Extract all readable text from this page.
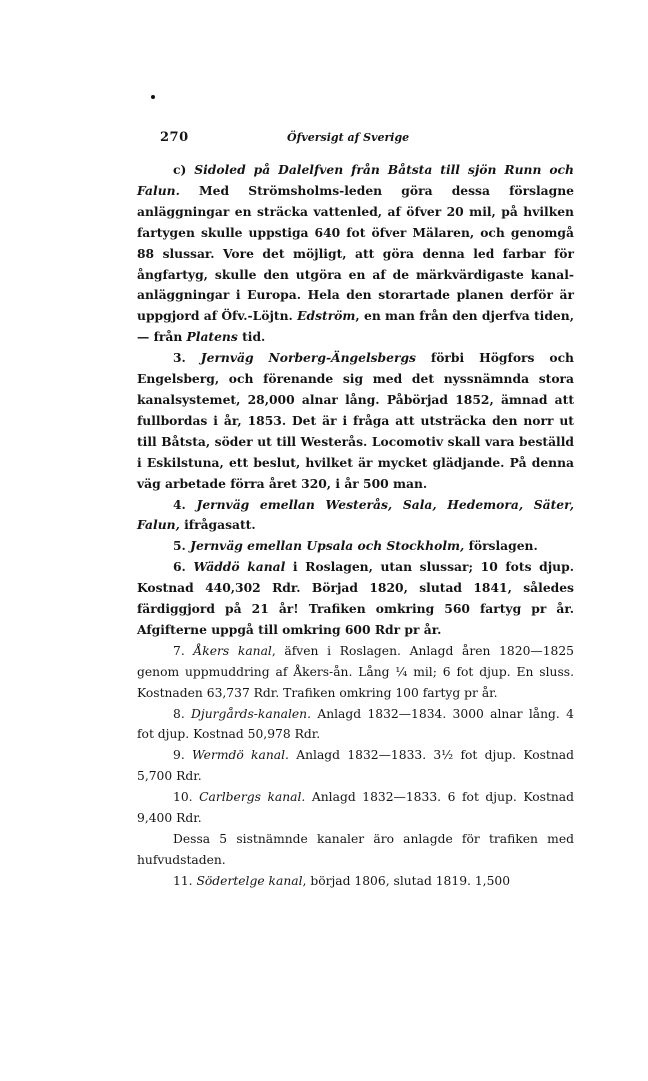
270	Öfversigt af Sverige

c) Sidoled på Dalelfven från Båtsta till sjön Runn och Falun. Med Strömsholms-leden göra dessa förslagne anläggningar en sträcka vattenled, af öfver 20 mil, på hvilken fartygen skulle uppstiga 640 fot öfver Mälaren, och genomgå 88 slussar. Vore det möjligt, att göra denna led farbar för ångfartyg, skulle den utgöra en af de märkvärdigaste kanal-anläggningar i Europa. Hela den storartade planen derför är uppgjord af Öfv.-Löjtn. Edström, en man från den djerfva tiden, — från Platens tid.

3. Jernväg Norberg-Ängelsbergs förbi Högfors och Engelsberg, och förenande sig med det nyssnämnda stora kanalsystemet, 28,000 alnar lång. Påbörjad 1852, ämnad att fullbordas i år, 1853. Det är i fråga att utsträcka den norr ut till Båtsta, söder ut till Westerås. Locomotiv skall vara beställd i Eskilstuna, ett beslut, hvilket är mycket glädjande. På denna väg arbetade förra året 320, i år 500 man.

4. Jernväg emellan Westerås, Sala, Hedemora, Säter, Falun, ifrågasatt.

5. Jernväg emellan Upsala och Stockholm, förslagen.

6. Wäddö kanal i Roslagen, utan slussar; 10 fots djup. Kostnad 440,302 Rdr. Börjad 1820, slutad 1841, således färdiggjord på 21 år! Trafiken omkring 560 fartyg pr år. Afgifterne uppgå till omkring 600 Rdr pr år.

7. Åkers kanal, äfven i Roslagen. Anlagd åren 1820—1825 genom uppmuddring af Åkers-ån. Lång ¼ mil; 6 fot djup. En sluss. Kostnaden 63,737 Rdr. Trafiken omkring 100 fartyg pr år.

8. Djurgårds-kanalen. Anlagd 1832—1834. 3000 alnar lång. 4 fot djup. Kostnad 50,978 Rdr.

9. Wermdö kanal. Anlagd 1832—1833. 3½ fot djup. Kostnad 5,700 Rdr.

10. Carlbergs kanal. Anlagd 1832—1833. 6 fot djup. Kostnad 9,400 Rdr.

Dessa 5 sistnämnde kanaler äro anlagde för trafiken med hufvudstaden.

11. Södertelge kanal, börjad 1806, slutad 1819. 1,500
